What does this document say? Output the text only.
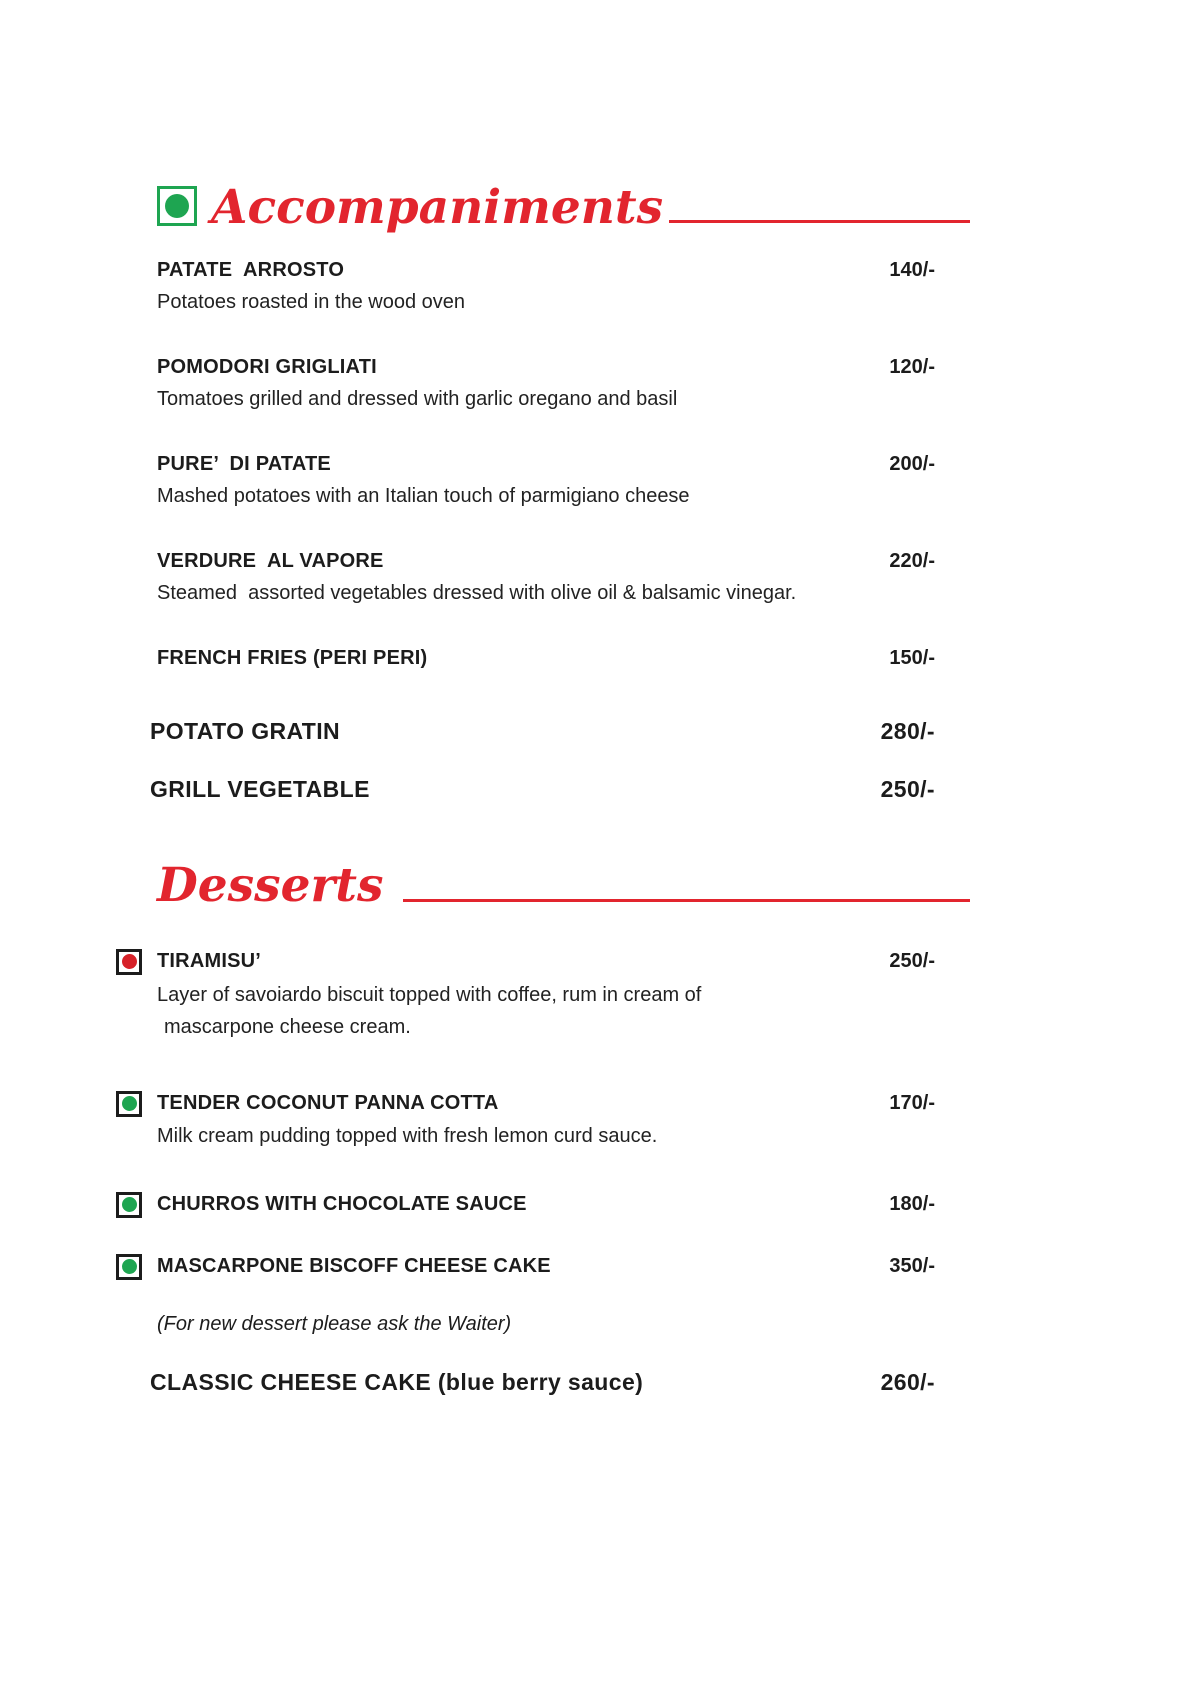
Accompaniments
PATATE  ARROSTO	140/-
Potatoes roasted in the wood oven
POMODORI GRIGLIATI	120/-
Tomatoes grilled and dressed with garlic oregano and basil
PURE’  DI PATATE	200/-
Mashed potatoes with an Italian touch of parmigiano cheese
VERDURE  AL VAPORE	220/-
Steamed  assorted vegetables dressed with olive oil & balsamic vinegar.
FRENCH FRIES (PERI PERI)	150/-
POTATO GRATIN	280/-
GRILL VEGETABLE	250/-
Desserts
TIRAMISU’	250/-
Layer of savoiardo biscuit topped with coffee, rum in cream of
mascarpone cheese cream.
TENDER COCONUT PANNA COTTA	170/-
Milk cream pudding topped with fresh lemon curd sauce.
CHURROS WITH CHOCOLATE SAUCE	180/-
MASCARPONE BISCOFF CHEESE CAKE	350/-
(For new dessert please ask the Waiter)
CLASSIC CHEESE CAKE (blue berry sauce)	260/-
